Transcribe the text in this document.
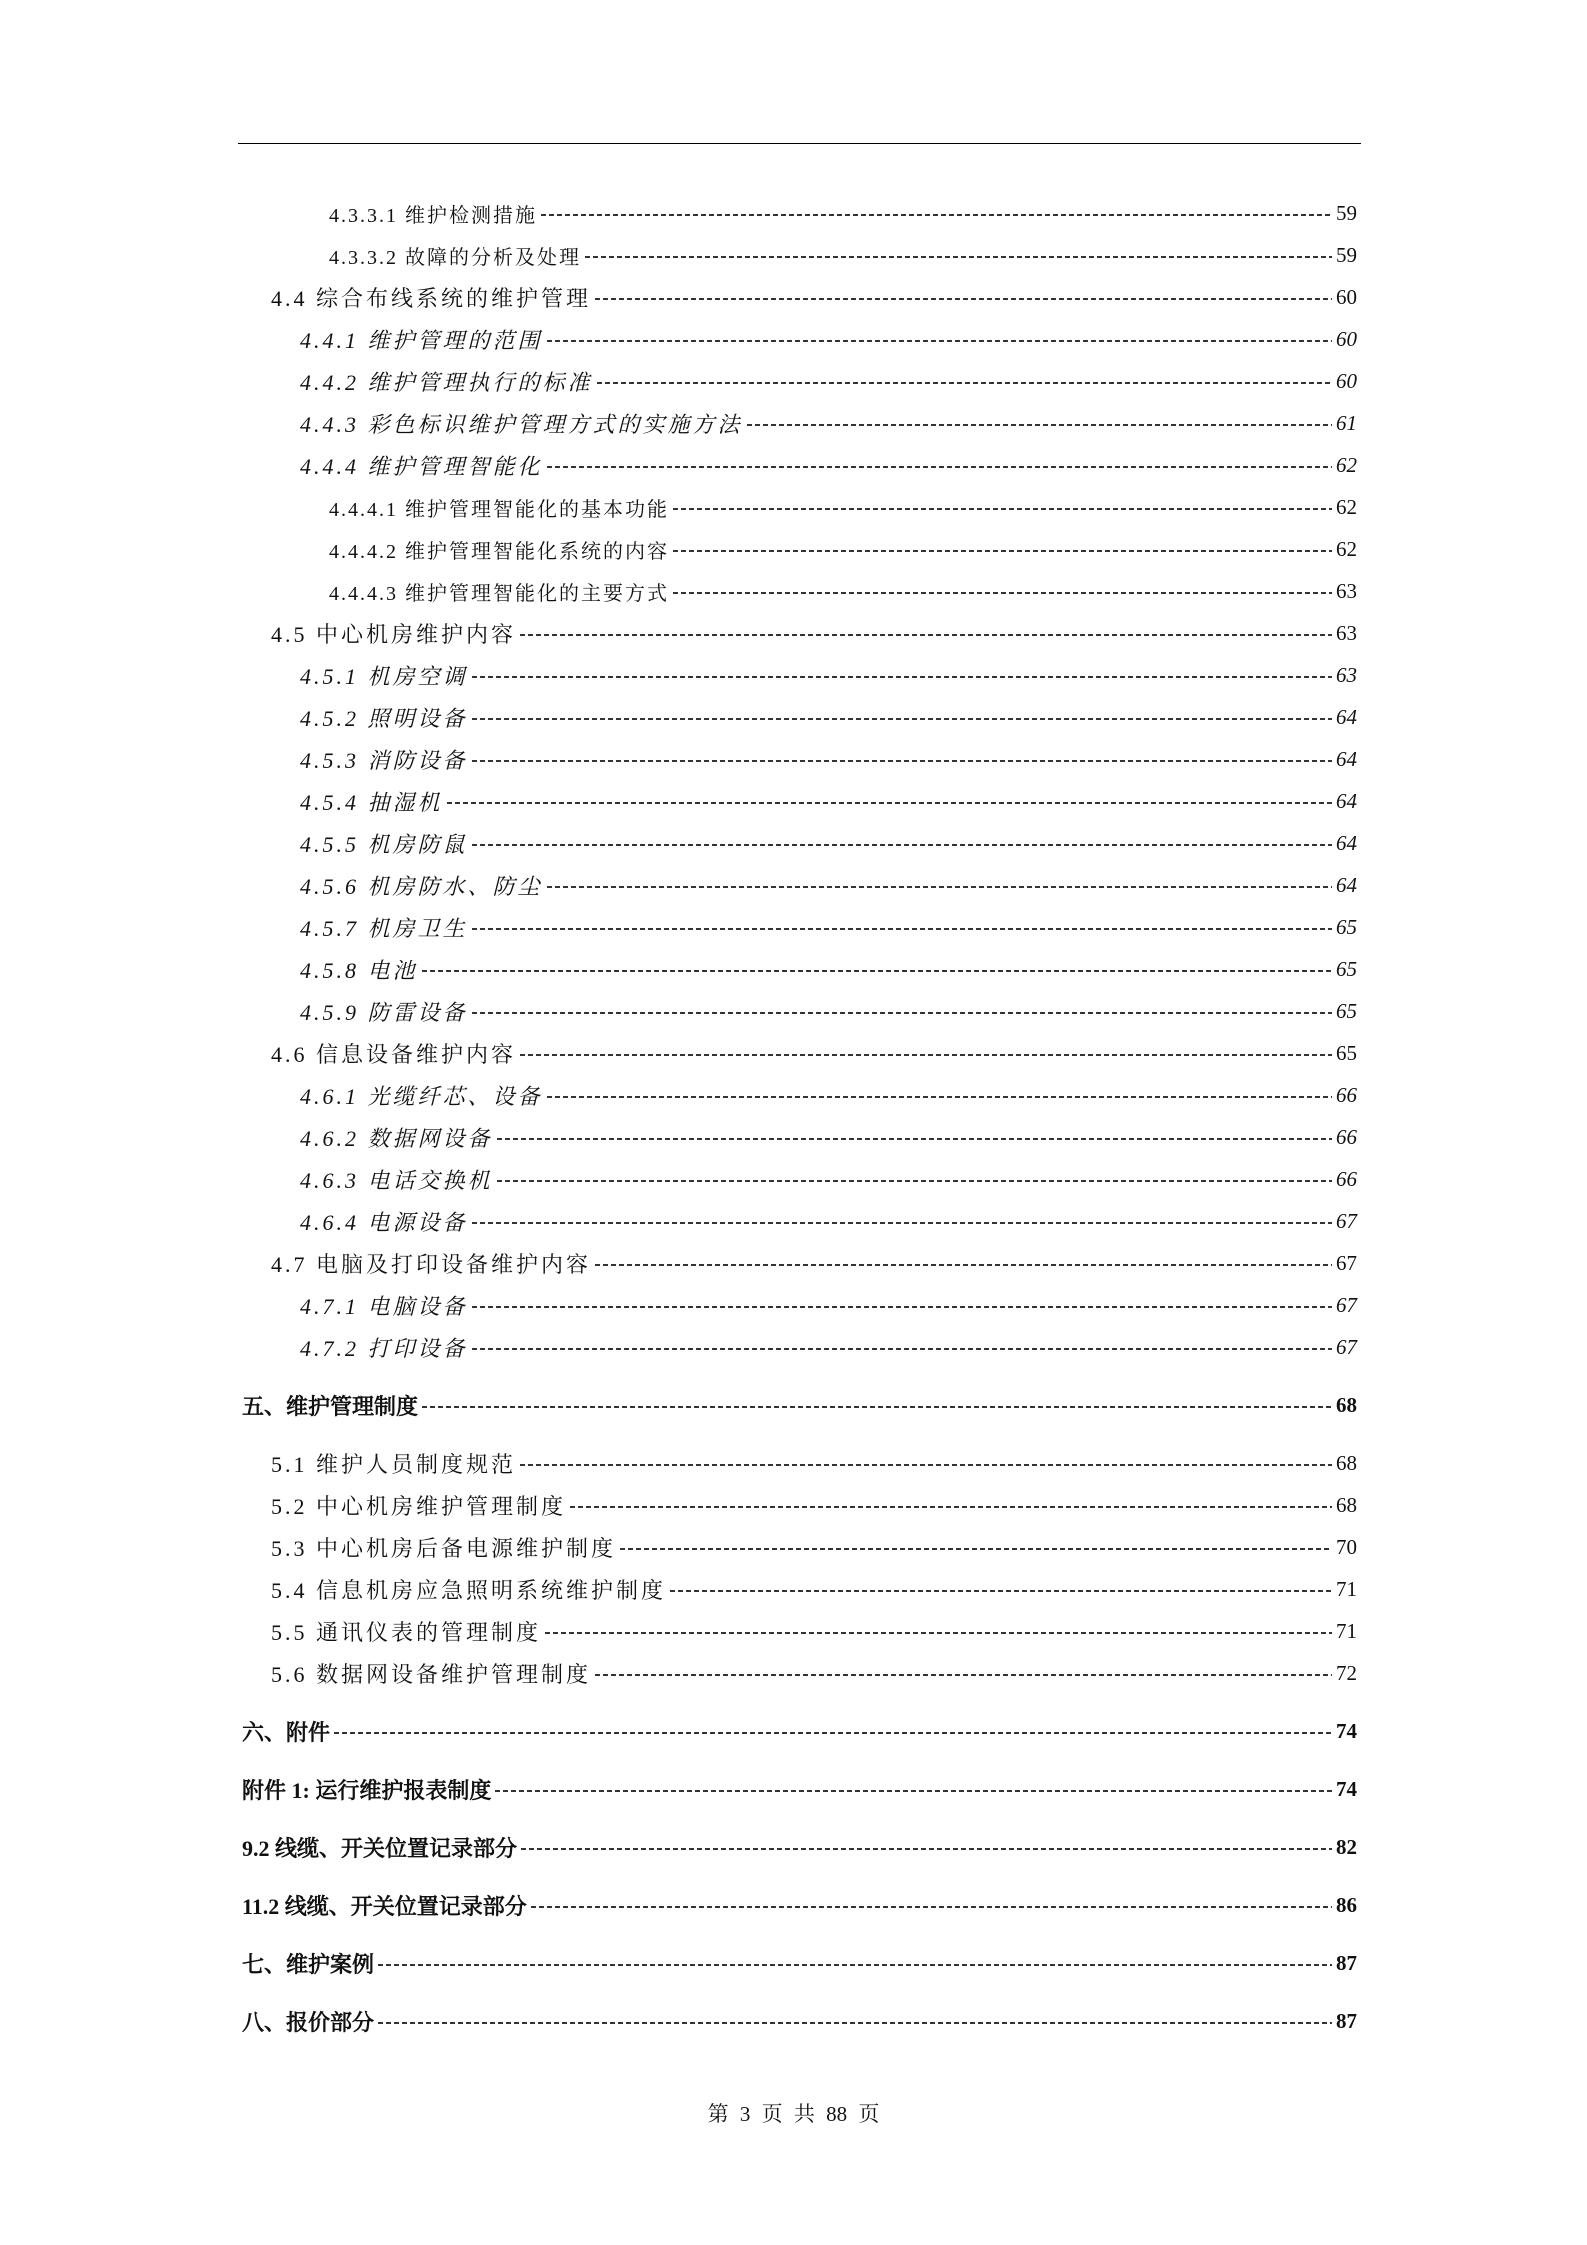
4.3.3.1 维护检测措施	59
4.3.3.2 故障的分析及处理	59
4.4 综合布线系统的维护管理	60
4.4.1 维护管理的范围	60
4.4.2 维护管理执行的标准	60
4.4.3 彩色标识维护管理方式的实施方法	61
4.4.4 维护管理智能化	62
4.4.4.1 维护管理智能化的基本功能	62
4.4.4.2 维护管理智能化系统的内容	62
4.4.4.3 维护管理智能化的主要方式	63
4.5 中心机房维护内容	63
4.5.1 机房空调	63
4.5.2 照明设备	64
4.5.3 消防设备	64
4.5.4 抽湿机	64
4.5.5 机房防鼠	64
4.5.6 机房防水、防尘	64
4.5.7 机房卫生	65
4.5.8 电池	65
4.5.9 防雷设备	65
4.6 信息设备维护内容	65
4.6.1 光缆纤芯、设备	66
4.6.2 数据网设备	66
4.6.3 电话交换机	66
4.6.4 电源设备	67
4.7 电脑及打印设备维护内容	67
4.7.1 电脑设备	67
4.7.2 打印设备	67
五、维护管理制度	68
5.1 维护人员制度规范	68
5.2 中心机房维护管理制度	68
5.3 中心机房后备电源维护制度	70
5.4 信息机房应急照明系统维护制度	71
5.5 通讯仪表的管理制度	71
5.6 数据网设备维护管理制度	72
六、附件	74
附件 1: 运行维护报表制度	74
9.2 线缆、开关位置记录部分	82
11.2 线缆、开关位置记录部分	86
七、维护案例	87
八、报价部分	87
第 3 页 共 88 页
